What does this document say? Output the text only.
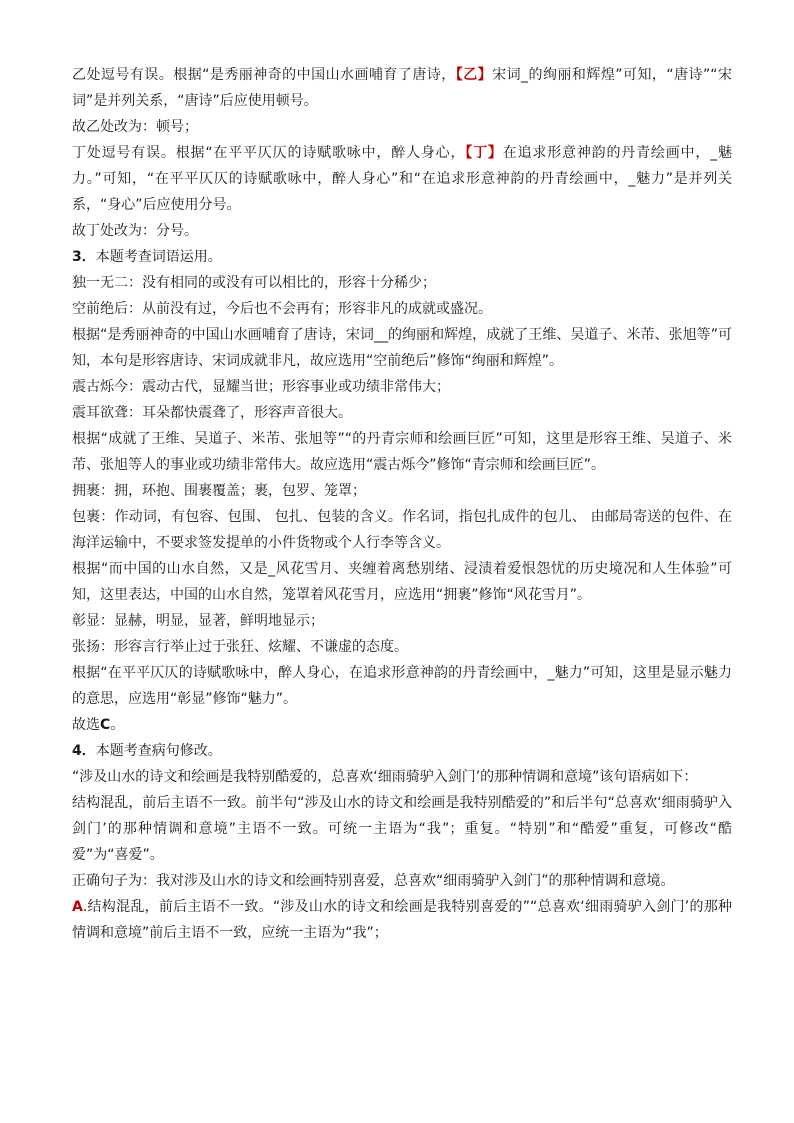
乙处逗号有误。根据“是秀丽神奇的中国山水画哺育了唐诗，【乙】宋词_的绚丽和辉煌”可知，“唐诗”“宋词”是并列关系，“唐诗”后应使用顿号。

故乙处改为：顿号；

丁处逗号有误。根据“在平平仄仄的诗赋歌咏中，醉人身心，【丁】在追求形意神韵的丹青绘画中，_魅力。”可知，“在平平仄仄的诗赋歌咏中，醉人身心”和“在追求形意神韵的丹青绘画中，_魅力”是并列关系，“身心”后应使用分号。

故丁处改为：分号。

3．本题考查词语运用。

独一无二：没有相同的或没有可以相比的，形容十分稀少；

空前绝后：从前没有过，今后也不会再有；形容非凡的成就或盛况。

根据“是秀丽神奇的中国山水画哺育了唐诗，宋词__的绚丽和辉煌，成就了王维、吴道子、米芾、张旭等”可知，本句是形容唐诗、宋词成就非凡，故应选用“空前绝后”修饰“绚丽和辉煌”。

震古烁今：震动古代，显耀当世；形容事业或功绩非常伟大；

震耳欲聋：耳朵都快震聋了，形容声音很大。

根据“成就了王维、吴道子、米芾、张旭等”“的丹青宗师和绘画巨匠”可知，这里是形容王维、吴道子、米芾、张旭等人的事业或功绩非常伟大。故应选用“震古烁今”修饰“青宗师和绘画巨匠”。

拥裹：拥，环抱、围裹覆盖；裹，包罗、笼罩；

包裹：作动词，有包容、包围、 包扎、包装的含义。作名词，指包扎成件的包儿、 由邮局寄送的包件、在海洋运输中，不要求签发提单的小件货物或个人行李等含义。

根据“而中国的山水自然，又是_风花雪月、夹缠着离愁别绪、浸渍着爱恨怨忧的历史境况和人生体验”可知，这里表达，中国的山水自然，笼罩着风花雪月，应选用“拥裹”修饰“风花雪月”。

彰显：显赫，明显，显著，鲜明地显示；

张扬：形容言行举止过于张狂、炫耀、不谦虚的态度。

根据“在平平仄仄的诗赋歌咏中，醉人身心，在追求形意神韵的丹青绘画中，_魅力”可知，这里是显示魅力的意思，应选用“彰显”修饰“魅力”。

故选C。

4．本题考查病句修改。

“涉及山水的诗文和绘画是我特别酷爱的，总喜欢‘细雨骑驴入剑门’的那种情调和意境”该句语病如下：

结构混乱，前后主语不一致。前半句“涉及山水的诗文和绘画是我特别酷爱的”和后半句“总喜欢‘细雨骑驴入剑门’的那种情调和意境”主语不一致。可统一主语为“我”；重复。“特别”和“酷爱”重复，可修改“酷爱”为“喜爱”。

正确句子为：我对涉及山水的诗文和绘画特别喜爱，总喜欢“细雨骑驴入剑门”的那种情调和意境。

A.结构混乱，前后主语不一致。“涉及山水的诗文和绘画是我特别喜爱的”“总喜欢‘细雨骑驴入剑门’的那种情调和意境”前后主语不一致，应统一主语为“我”；
